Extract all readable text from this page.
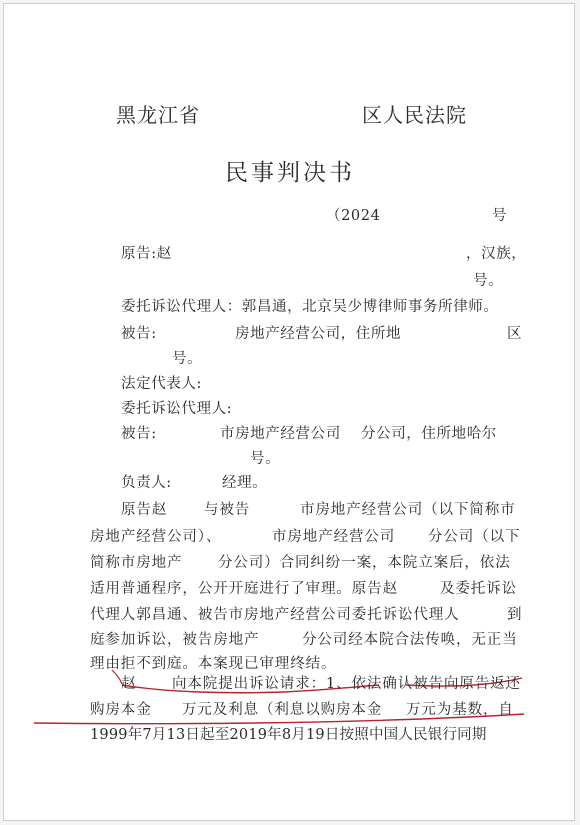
黑龙江省	区人民法院
民事判决书
（2024	号
原告:赵	，汉族，
号。
委托诉讼代理人：郭昌通，北京吴少博律师事务所律师。
被告:	房地产经营公司，住所地	区
号。
法定代表人:
委托诉讼代理人:
被告:	市房地产经营公司 分公司，住所地哈尔
号。
负责人:	经理。
原告赵	与被告	市房地产经营公司（以下简称市
房地产经营公司）、	市房地产经营公司 分公司（以下
简称市房地产 分公司）合同纠纷一案，本院立案后，依法
适用普通程序，公开开庭进行了审理。原告赵	及委托诉讼
代理人郭昌通、被告市房地产经营公司委托诉讼代理人	到
庭参加诉讼，被告房地产	分公司经本院合法传唤，无正当
理由拒不到庭。本案现已审理终结。
赵 向本院提出诉讼请求：1、依法确认被告向原告返还
购房本金 万元及利息（利息以购房本金 万元为基数，自
1999年7月13日起至2019年8月19日按照中国人民银行同期
